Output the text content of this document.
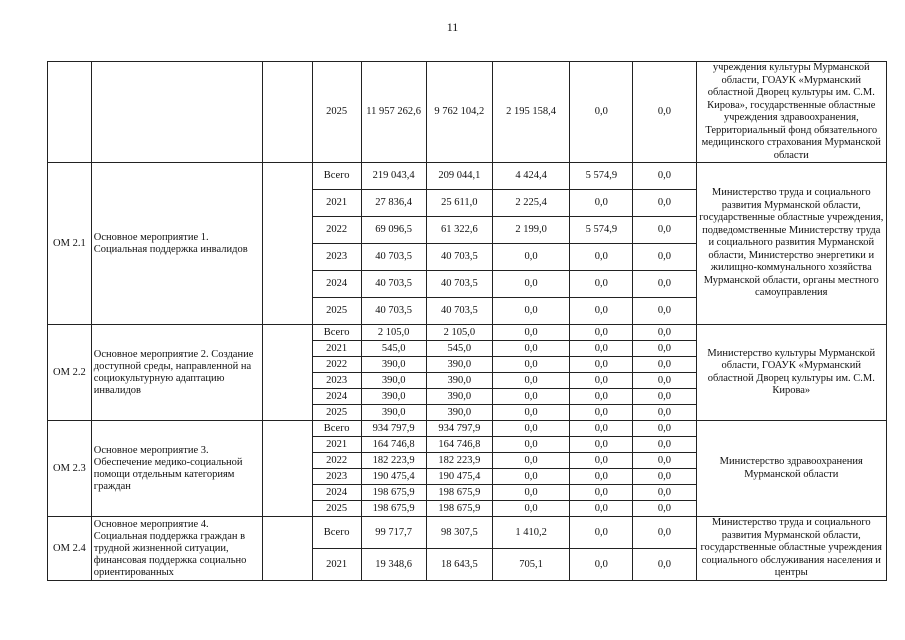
11
			2025	11 957 262,6	9 762 104,2	2 195 158,4	0,0	0,0	учреждения культуры Мурманской области, ГОАУК «Мурманский областной Дворец культуры им. С.М. Кирова», государственные областные учреждения здравоохранения, Территориальный фонд обязательного медицинского страхования Мурманской области
ОМ 2.1	Основное мероприятие 1. Социальная поддержка инвалидов		Всего	219 043,4	209 044,1	4 424,4	5 574,9	0,0	Министерство труда и социального развития Мурманской области, государственные областные учреждения, подведомственные Министерству труда и социального развития Мурманской области, Министерство энергетики и жилищно-коммунального хозяйства Мурманской области, органы местного самоуправления
			2021	27 836,4	25 611,0	2 225,4	0,0	0,0	
			2022	69 096,5	61 322,6	2 199,0	5 574,9	0,0	
			2023	40 703,5	40 703,5	0,0	0,0	0,0	
			2024	40 703,5	40 703,5	0,0	0,0	0,0	
			2025	40 703,5	40 703,5	0,0	0,0	0,0	
ОМ 2.2	Основное мероприятие 2. Создание доступной среды, направленной на социокультурную адаптацию инвалидов		Всего	2 105,0	2 105,0	0,0	0,0	0,0	Министерство культуры Мурманской области, ГОАУК «Мурманский областной Дворец культуры им. С.М. Кирова»
			2021	545,0	545,0	0,0	0,0	0,0	
			2022	390,0	390,0	0,0	0,0	0,0	
			2023	390,0	390,0	0,0	0,0	0,0	
			2024	390,0	390,0	0,0	0,0	0,0	
			2025	390,0	390,0	0,0	0,0	0,0	
ОМ 2.3	Основное мероприятие 3. Обеспечение медико-социальной помощи отдельным категориям граждан		Всего	934 797,9	934 797,9	0,0	0,0	0,0	Министерство здравоохранения Мурманской области
			2021	164 746,8	164 746,8	0,0	0,0	0,0	
			2022	182 223,9	182 223,9	0,0	0,0	0,0	
			2023	190 475,4	190 475,4	0,0	0,0	0,0	
			2024	198 675,9	198 675,9	0,0	0,0	0,0	
			2025	198 675,9	198 675,9	0,0	0,0	0,0	
ОМ 2.4	Основное мероприятие 4. Социальная поддержка граждан в трудной жизненной ситуации, финансовая поддержка социально ориентированных		Всего	99 717,7	98 307,5	1 410,2	0,0	0,0	Министерство труда и социального развития Мурманской области, государственные областные учреждения социального обслуживания населения и центры
			2021	19 348,6	18 643,5	705,1	0,0	0,0	
